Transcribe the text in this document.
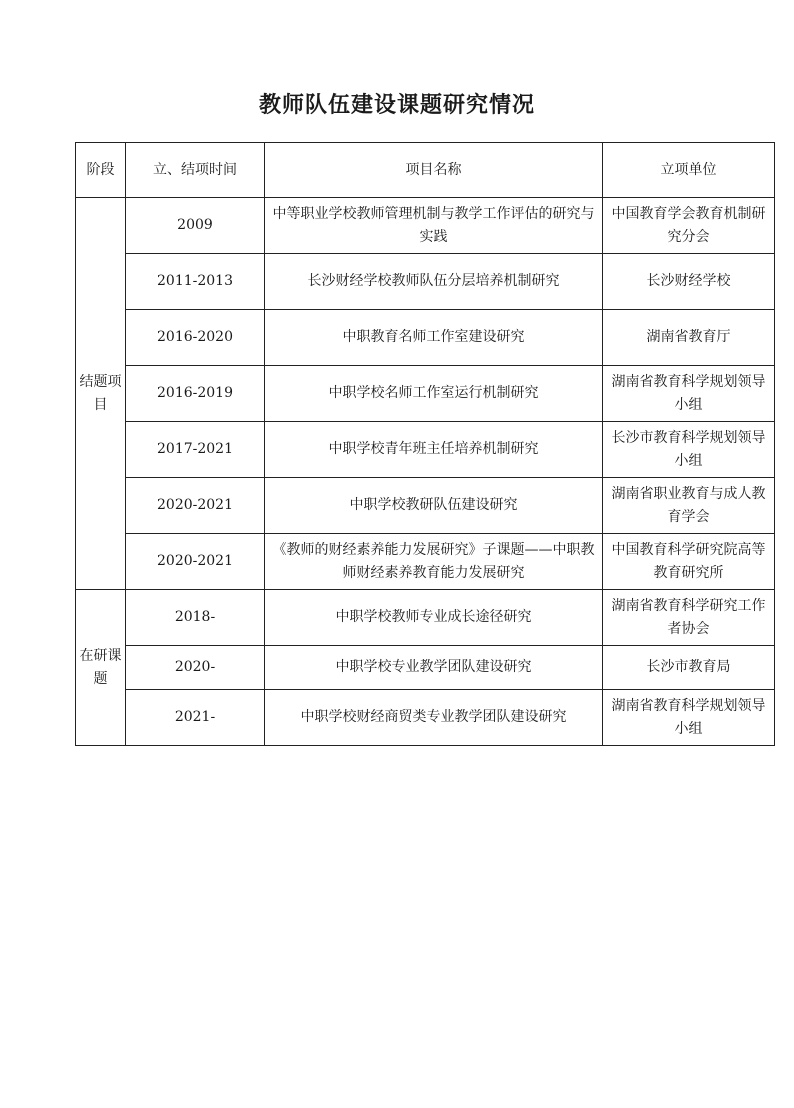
教师队伍建设课题研究情况
阶段	立、结项时间	项目名称	立项单位
结题项目	2009	中等职业学校教师管理机制与教学工作评估的研究与实践	中国教育学会教育机制研究分会
	2011-2013	长沙财经学校教师队伍分层培养机制研究	长沙财经学校
	2016-2020	中职教育名师工作室建设研究	湖南省教育厅
	2016-2019	中职学校名师工作室运行机制研究	湖南省教育科学规划领导小组
	2017-2021	中职学校青年班主任培养机制研究	长沙市教育科学规划领导小组
	2020-2021	中职学校教研队伍建设研究	湖南省职业教育与成人教育学会
	2020-2021	《教师的财经素养能力发展研究》子课题——中职教师财经素养教育能力发展研究	中国教育科学研究院高等教育研究所
在研课题	2018-	中职学校教师专业成长途径研究	湖南省教育科学研究工作者协会
	2020-	中职学校专业教学团队建设研究	长沙市教育局
	2021-	中职学校财经商贸类专业教学团队建设研究	湖南省教育科学规划领导小组
